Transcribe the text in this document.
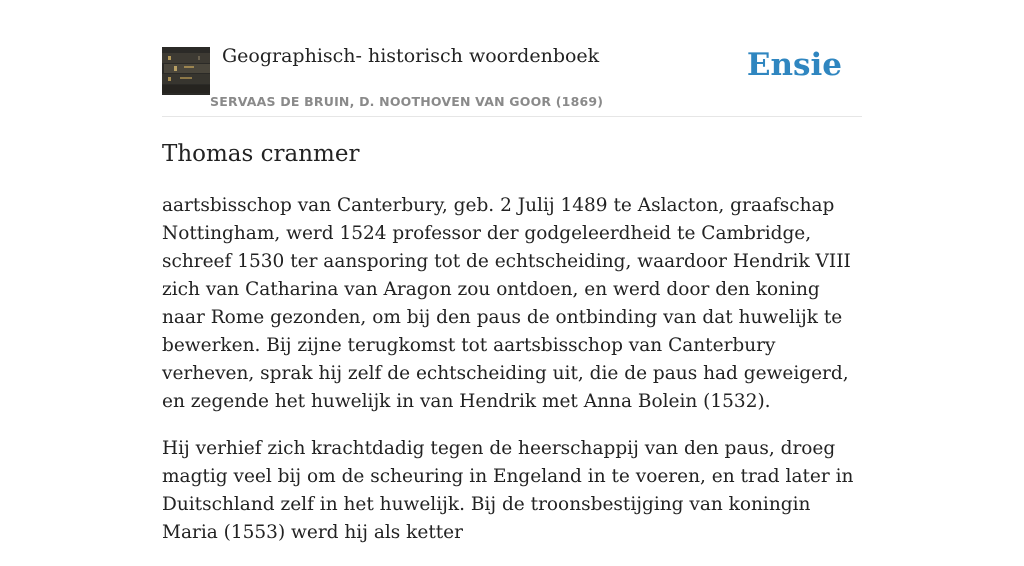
Geographisch- historisch woordenboek
SERVAAS DE BRUIN, D. NOOTHOVEN VAN GOOR (1869)
Ensie
Thomas cranmer

aartsbisschop van Canterbury, geb. 2 Julij 1489 te Aslacton, graafschap Nottingham, werd 1524 professor der godgeleerdheid te Cambridge, schreef 1530 ter aansporing tot de echtscheiding, waardoor Hendrik VIII zich van Catharina van Aragon zou ontdoen, en werd door den koning naar Rome gezonden, om bij den paus de ontbinding van dat huwelijk te bewerken. Bij zijne terugkomst tot aartsbisschop van Canterbury verheven, sprak hij zelf de echtscheiding uit, die de paus had geweigerd, en zegende het huwelijk in van Hendrik met Anna Bolein (1532).

Hij verhief zich krachtdadig tegen de heerschappij van den paus, droeg magtig veel bij om de scheuring in Engeland in te voeren, en trad later in Duitschland zelf in het huwelijk. Bij de troonsbestijging van koningin Maria (1553) werd hij als ketter
